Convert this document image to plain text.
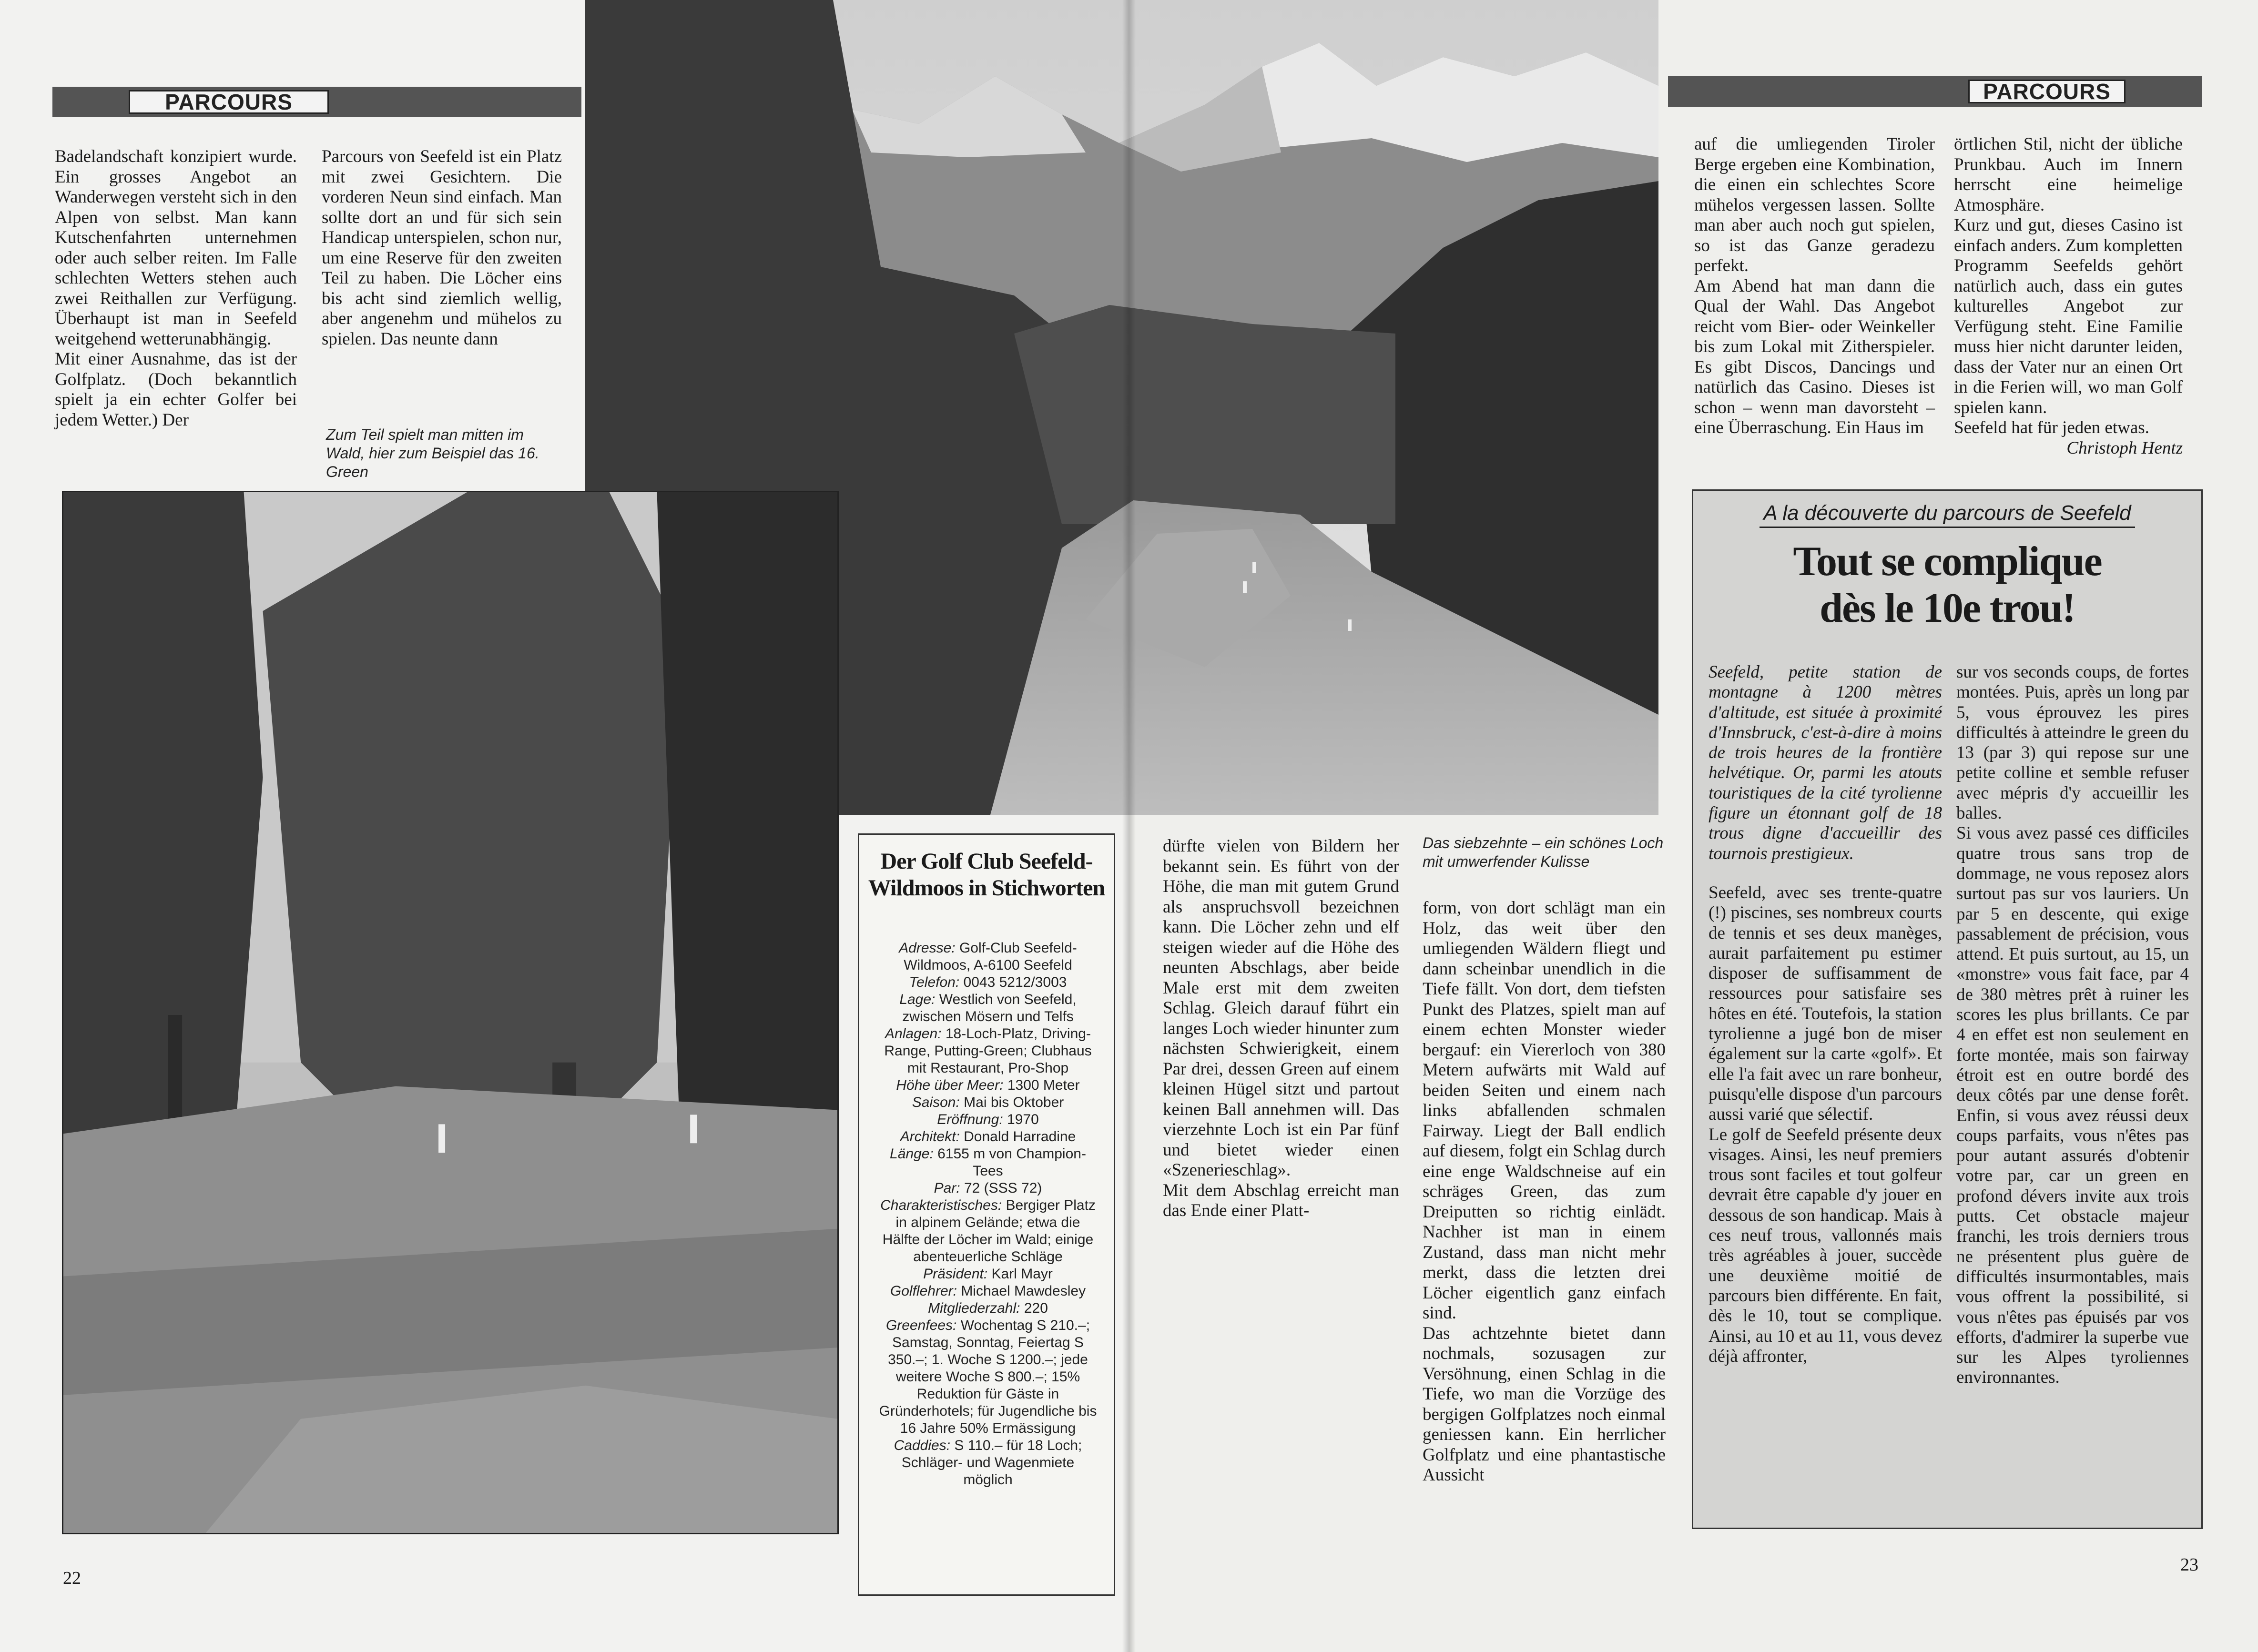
PARCOURS

Badelandschaft konzipiert wurde. Ein grosses Angebot an Wanderwegen versteht sich in den Alpen von selbst. Man kann Kutschenfahrten unternehmen oder auch selber reiten. Im Falle schlechten Wetters stehen auch zwei Reithallen zur Verfügung. Überhaupt ist man in Seefeld weitgehend wetterunabhängig.

Mit einer Ausnahme, das ist der Golfplatz. (Doch bekanntlich spielt ja ein echter Golfer bei jedem Wetter.) Der

Parcours von Seefeld ist ein Platz mit zwei Gesichtern. Die vorderen Neun sind einfach. Man sollte dort an und für sich sein Handicap unterspielen, schon nur, um eine Reserve für den zweiten Teil zu haben. Die Löcher eins bis acht sind ziemlich wellig, aber angenehm und mühelos zu spielen. Das neunte dann

Zum Teil spielt man mitten im Wald, hier zum Beispiel das 16. Green
Der Golf Club Seefeld-Wildmoos in Stichworten
Adresse: Golf-Club Seefeld-Wildmoos, A-6100 Seefeld
Telefon: 0043 5212/3003
Lage: Westlich von Seefeld, zwischen Mösern und Telfs
Anlagen: 18-Loch-Platz, Driving-Range, Putting-Green; Clubhaus mit Restaurant, Pro-Shop
Höhe über Meer: 1300 Meter
Saison: Mai bis Oktober
Eröffnung: 1970
Architekt: Donald Harradine
Länge: 6155 m von Champion-Tees
Par: 72 (SSS 72)
Charakteristisches: Bergiger Platz in alpinem Gelände; etwa die Hälfte der Löcher im Wald; einige abenteuerliche Schläge
Präsident: Karl Mayr
Golflehrer: Michael Mawdesley
Mitgliederzahl: 220
Greenfees: Wochentag S 210.–; Samstag, Sonntag, Feiertag S 350.–; 1. Woche S 1200.–; jede weitere Woche S 800.–; 15% Reduktion für Gäste in Gründerhotels; für Jugendliche bis 16 Jahre 50% Ermässigung
Caddies: S 110.– für 18 Loch; Schläger- und Wagenmiete möglich

dürfte vielen von Bildern her bekannt sein. Es führt von der Höhe, die man mit gutem Grund als anspruchsvoll bezeichnen kann. Die Löcher zehn und elf steigen wieder auf die Höhe des neunten Abschlags, aber beide Male erst mit dem zweiten Schlag. Gleich darauf führt ein langes Loch wieder hinunter zum nächsten Schwierigkeit, einem Par drei, dessen Green auf einem kleinen Hügel sitzt und partout keinen Ball annehmen will. Das vierzehnte Loch ist ein Par fünf und bietet wieder einen «Szenerieschlag».

Mit dem Abschlag erreicht man das Ende einer Platt-

Das siebzehnte – ein schönes Loch mit umwerfender Kulisse

form, von dort schlägt man ein Holz, das weit über den umliegenden Wäldern fliegt und dann scheinbar unendlich in die Tiefe fällt. Von dort, dem tiefsten Punkt des Platzes, spielt man auf einem echten Monster wieder bergauf: ein Viererloch von 380 Metern aufwärts mit Wald auf beiden Seiten und einem nach links abfallenden schmalen Fairway. Liegt der Ball endlich auf diesem, folgt ein Schlag durch eine enge Waldschneise auf ein schräges Green, das zum Dreiputten so richtig einlädt. Nachher ist man in einem Zustand, dass man nicht mehr merkt, dass die letzten drei Löcher eigentlich ganz einfach sind.

Das achtzehnte bietet dann nochmals, sozusagen zur Versöhnung, einen Schlag in die Tiefe, wo man die Vorzüge des bergigen Golfplatzes noch einmal geniessen kann. Ein herrlicher Golfplatz und eine phantastische Aussicht

PARCOURS

auf die umliegenden Tiroler Berge ergeben eine Kombination, die einen ein schlechtes Score mühelos vergessen lassen. Sollte man aber auch noch gut spielen, so ist das Ganze geradezu perfekt.

Am Abend hat man dann die Qual der Wahl. Das Angebot reicht vom Bier- oder Weinkeller bis zum Lokal mit Zitherspieler. Es gibt Discos, Dancings und natürlich das Casino. Dieses ist schon – wenn man davorsteht – eine Überraschung. Ein Haus im

örtlichen Stil, nicht der übliche Prunkbau. Auch im Innern herrscht eine heimelige Atmosphäre.

Kurz und gut, dieses Casino ist einfach anders. Zum kompletten Programm Seefelds gehört natürlich auch, dass ein gutes kulturelles Angebot zur Verfügung steht. Eine Familie muss hier nicht darunter leiden, dass der Vater nur an einen Ort in die Ferien will, wo man Golf spielen kann.

Seefeld hat für jeden etwas.

Christoph Hentz

A la découverte du parcours de Seefeld
Tout se complique
dès le 10e trou!

Seefeld, petite station de montagne à 1200 mètres d'altitude, est située à proximité d'Innsbruck, c'est-à-dire à moins de trois heures de la frontière helvétique. Or, parmi les atouts touristiques de la cité tyrolienne figure un étonnant golf de 18 trous digne d'accueillir des tournois prestigieux.

Seefeld, avec ses trente-quatre (!) piscines, ses nombreux courts de tennis et ses deux manèges, aurait parfaitement pu estimer disposer de suffisamment de ressources pour satisfaire ses hôtes en été. Toutefois, la station tyrolienne a jugé bon de miser également sur la carte «golf». Et elle l'a fait avec un rare bonheur, puisqu'elle dispose d'un parcours aussi varié que sélectif.

Le golf de Seefeld présente deux visages. Ainsi, les neuf premiers trous sont faciles et tout golfeur devrait être capable d'y jouer en dessous de son handicap. Mais à ces neuf trous, vallonnés mais très agréables à jouer, succède une deuxième moitié de parcours bien différente. En fait, dès le 10, tout se complique. Ainsi, au 10 et au 11, vous devez déjà affronter,

sur vos seconds coups, de fortes montées. Puis, après un long par 5, vous éprouvez les pires difficultés à atteindre le green du 13 (par 3) qui repose sur une petite colline et semble refuser avec mépris d'y accueillir les balles.

Si vous avez passé ces difficiles quatre trous sans trop de dommage, ne vous reposez alors surtout pas sur vos lauriers. Un par 5 en descente, qui exige passablement de précision, vous attend. Et puis surtout, au 15, un «monstre» vous fait face, par 4 de 380 mètres prêt à ruiner les scores les plus brillants. Ce par 4 en effet est non seulement en forte montée, mais son fairway étroit est en outre bordé des deux côtés par une dense forêt. Enfin, si vous avez réussi deux coups parfaits, vous n'êtes pas pour autant assurés d'obtenir votre par, car un green en profond dévers invite aux trois putts. Cet obstacle majeur franchi, les trois derniers trous ne présentent plus guère de difficultés insurmontables, mais vous offrent la possibilité, si vous n'êtes pas épuisés par vos efforts, d'admirer la superbe vue sur les Alpes tyroliennes environnantes.

22
23
